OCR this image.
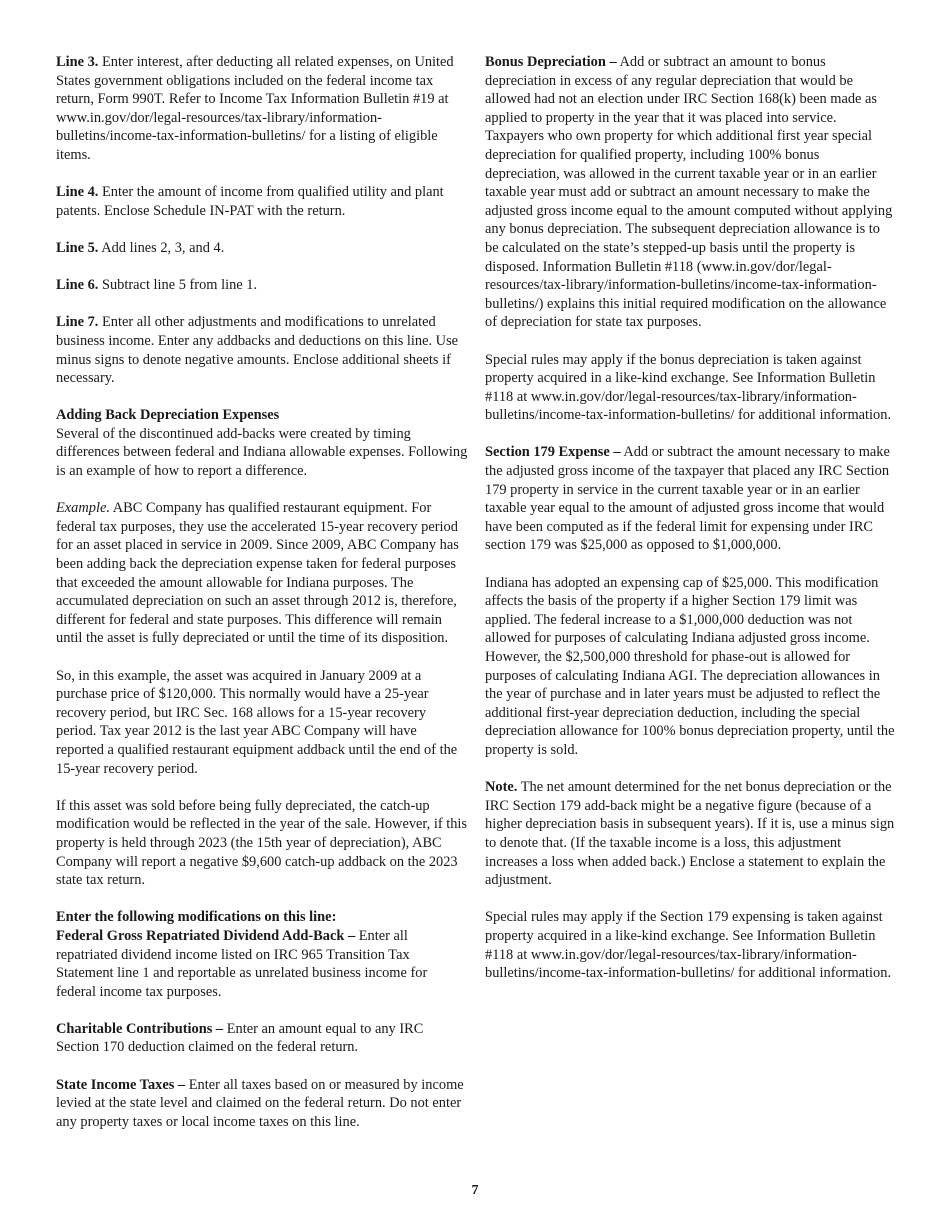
Line 3. Enter interest, after deducting all related expenses, on United States government obligations included on the federal income tax return, Form 990T. Refer to Income Tax Information Bulletin #19 at www.in.gov/dor/legal-resources/tax-library/information-bulletins/income-tax-information-bulletins/ for a listing of eligible items.

Line 4. Enter the amount of income from qualified utility and plant patents. Enclose Schedule IN-PAT with the return.

Line 5. Add lines 2, 3, and 4.

Line 6. Subtract line 5 from line 1.

Line 7. Enter all other adjustments and modifications to unrelated business income. Enter any addbacks and deductions on this line. Use minus signs to denote negative amounts. Enclose additional sheets if necessary.

Adding Back Depreciation Expenses

Several of the discontinued add-backs were created by timing differences between federal and Indiana allowable expenses. Following is an example of how to report a difference.

Example. ABC Company has qualified restaurant equipment. For federal tax purposes, they use the accelerated 15-year recovery period for an asset placed in service in 2009. Since 2009, ABC Company has been adding back the depreciation expense taken for federal purposes that exceeded the amount allowable for Indiana purposes. The accumulated depreciation on such an asset through 2012 is, therefore, different for federal and state purposes. This difference will remain until the asset is fully depreciated or until the time of its disposition.

So, in this example, the asset was acquired in January 2009 at a purchase price of $120,000. This normally would have a 25-year recovery period, but IRC Sec. 168 allows for a 15-year recovery period. Tax year 2012 is the last year ABC Company will have reported a qualified restaurant equipment addback until the end of the 15-year recovery period.

If this asset was sold before being fully depreciated, the catch-up modification would be reflected in the year of the sale. However, if this property is held through 2023 (the 15th year of depreciation), ABC Company will report a negative $9,600 catch-up addback on the 2023 state tax return.

Enter the following modifications on this line:

Federal Gross Repatriated Dividend Add-Back – Enter all repatriated dividend income listed on IRC 965 Transition Tax Statement line 1 and reportable as unrelated business income for federal income tax purposes.

Charitable Contributions – Enter an amount equal to any IRC Section 170 deduction claimed on the federal return.

State Income Taxes – Enter all taxes based on or measured by income levied at the state level and claimed on the federal return. Do not enter any property taxes or local income taxes on this line.

Bonus Depreciation – Add or subtract an amount to bonus depreciation in excess of any regular depreciation that would be allowed had not an election under IRC Section 168(k) been made as applied to property in the year that it was placed into service. Taxpayers who own property for which additional first year special depreciation for qualified property, including 100% bonus depreciation, was allowed in the current taxable year or in an earlier taxable year must add or subtract an amount necessary to make the adjusted gross income equal to the amount computed without applying any bonus depreciation. The subsequent depreciation allowance is to be calculated on the state’s stepped-up basis until the property is disposed. Information Bulletin #118 (www.in.gov/dor/legal-resources/tax-library/information-bulletins/income-tax-information-bulletins/) explains this initial required modification on the allowance of depreciation for state tax purposes.

Special rules may apply if the bonus depreciation is taken against property acquired in a like-kind exchange. See Information Bulletin #118 at www.in.gov/dor/legal-resources/tax-library/information-bulletins/income-tax-information-bulletins/ for additional information.

Section 179 Expense – Add or subtract the amount necessary to make the adjusted gross income of the taxpayer that placed any IRC Section 179 property in service in the current taxable year or in an earlier taxable year equal to the amount of adjusted gross income that would have been computed as if the federal limit for expensing under IRC section 179 was $25,000 as opposed to $1,000,000.

Indiana has adopted an expensing cap of $25,000. This modification affects the basis of the property if a higher Section 179 limit was applied. The federal increase to a $1,000,000 deduction was not allowed for purposes of calculating Indiana adjusted gross income. However, the $2,500,000 threshold for phase-out is allowed for purposes of calculating Indiana AGI. The depreciation allowances in the year of purchase and in later years must be adjusted to reflect the additional first-year depreciation deduction, including the special depreciation allowance for 100% bonus depreciation property, until the property is sold.

Note. The net amount determined for the net bonus depreciation or the IRC Section 179 add-back might be a negative figure (because of a higher depreciation basis in subsequent years). If it is, use a minus sign to denote that. (If the taxable income is a loss, this adjustment increases a loss when added back.) Enclose a statement to explain the adjustment.

Special rules may apply if the Section 179 expensing is taken against property acquired in a like-kind exchange. See Information Bulletin #118 at www.in.gov/dor/legal-resources/tax-library/information-bulletins/income-tax-information-bulletins/ for additional information.

7
